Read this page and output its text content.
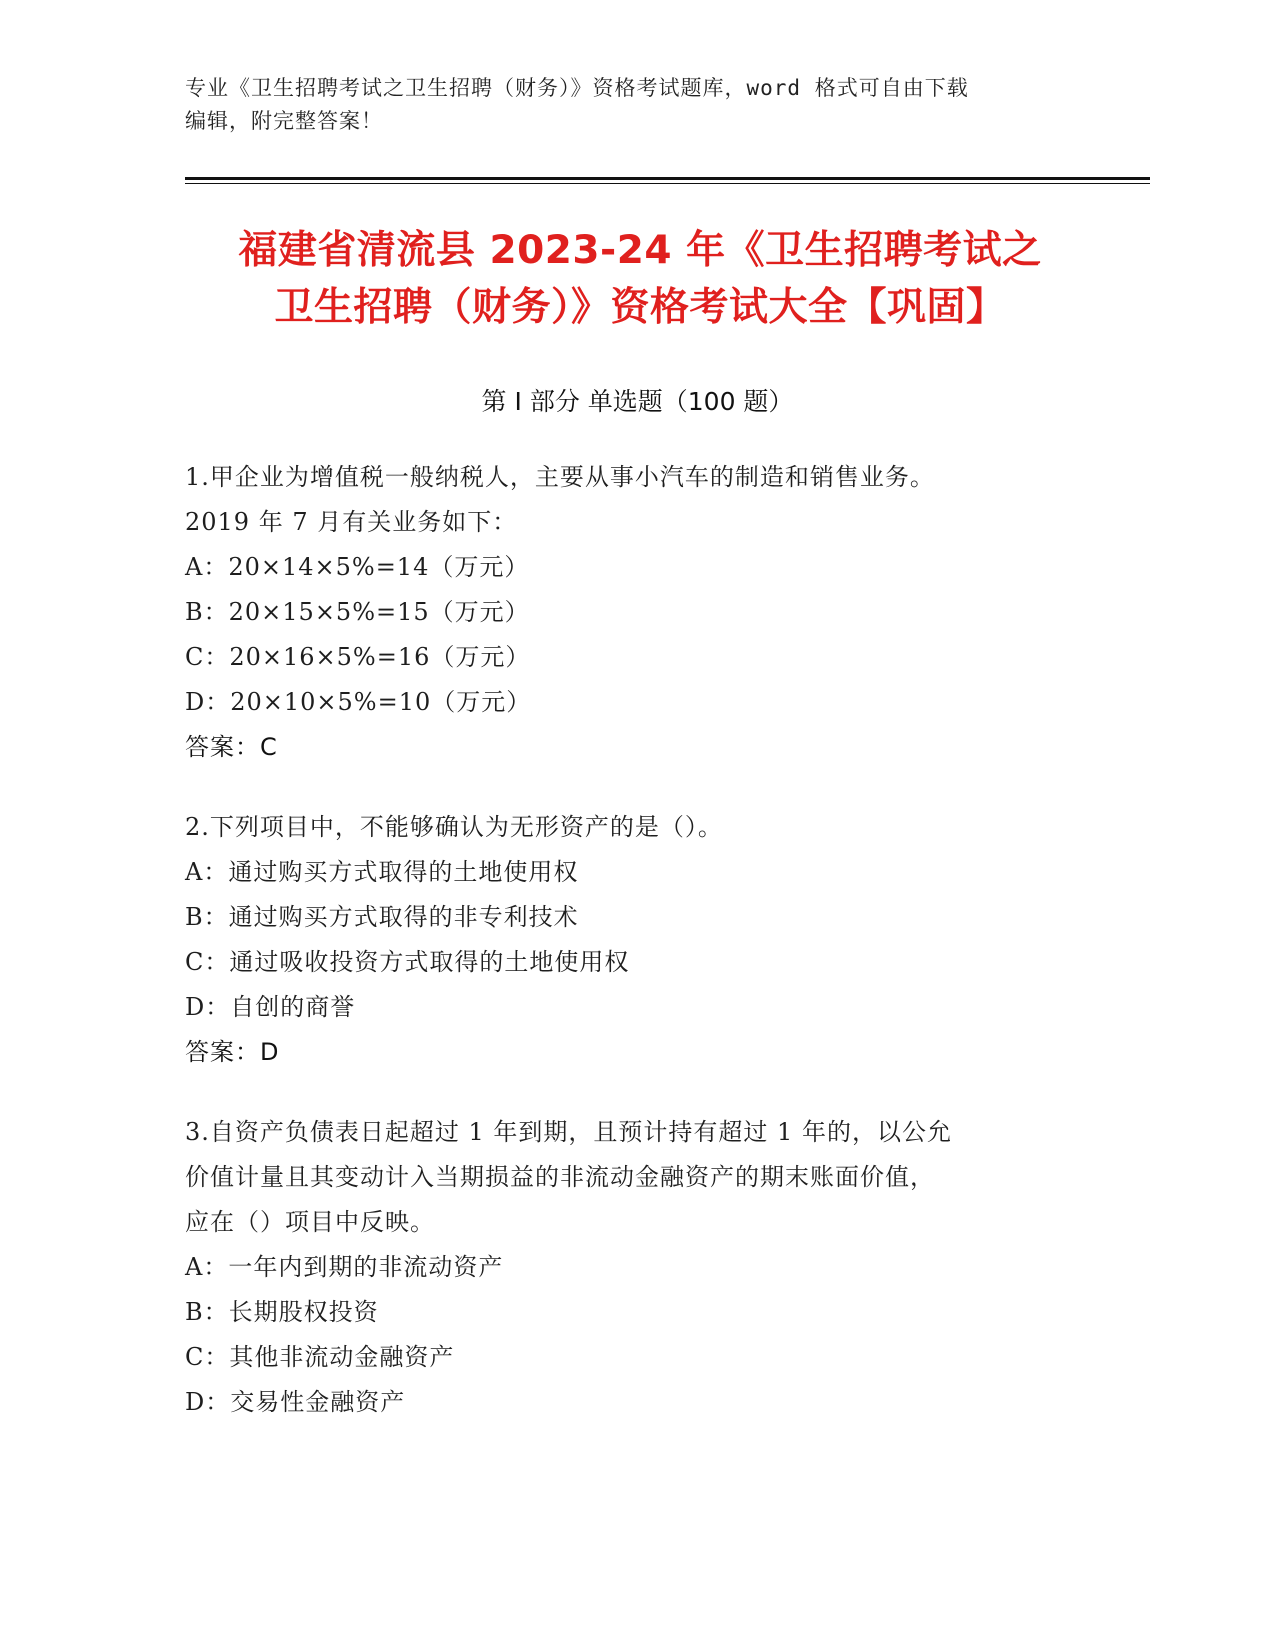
专业《卫生招聘考试之卫生招聘（财务）》资格考试题库，word 格式可自由下载
编辑，附完整答案！
福建省清流县 2023-24 年《卫生招聘考试之
卫生招聘（财务）》资格考试大全【巩固】
第 I 部分 单选题（100 题）
1.甲企业为增值税一般纳税人，主要从事小汽车的制造和销售业务。
2019 年 7 月有关业务如下：
A：20×14×5%=14（万元）
B：20×15×5%=15（万元）
C：20×16×5%=16（万元）
D：20×10×5%=10（万元）
答案：C
2.下列项目中，不能够确认为无形资产的是（）。
A：通过购买方式取得的土地使用权
B：通过购买方式取得的非专利技术
C：通过吸收投资方式取得的土地使用权
D：自创的商誉
答案：D
3.自资产负债表日起超过 1 年到期，且预计持有超过 1 年的，以公允
价值计量且其变动计入当期损益的非流动金融资产的期末账面价值，
应在（）项目中反映。
A：一年内到期的非流动资产
B：长期股权投资
C：其他非流动金融资产
D：交易性金融资产
